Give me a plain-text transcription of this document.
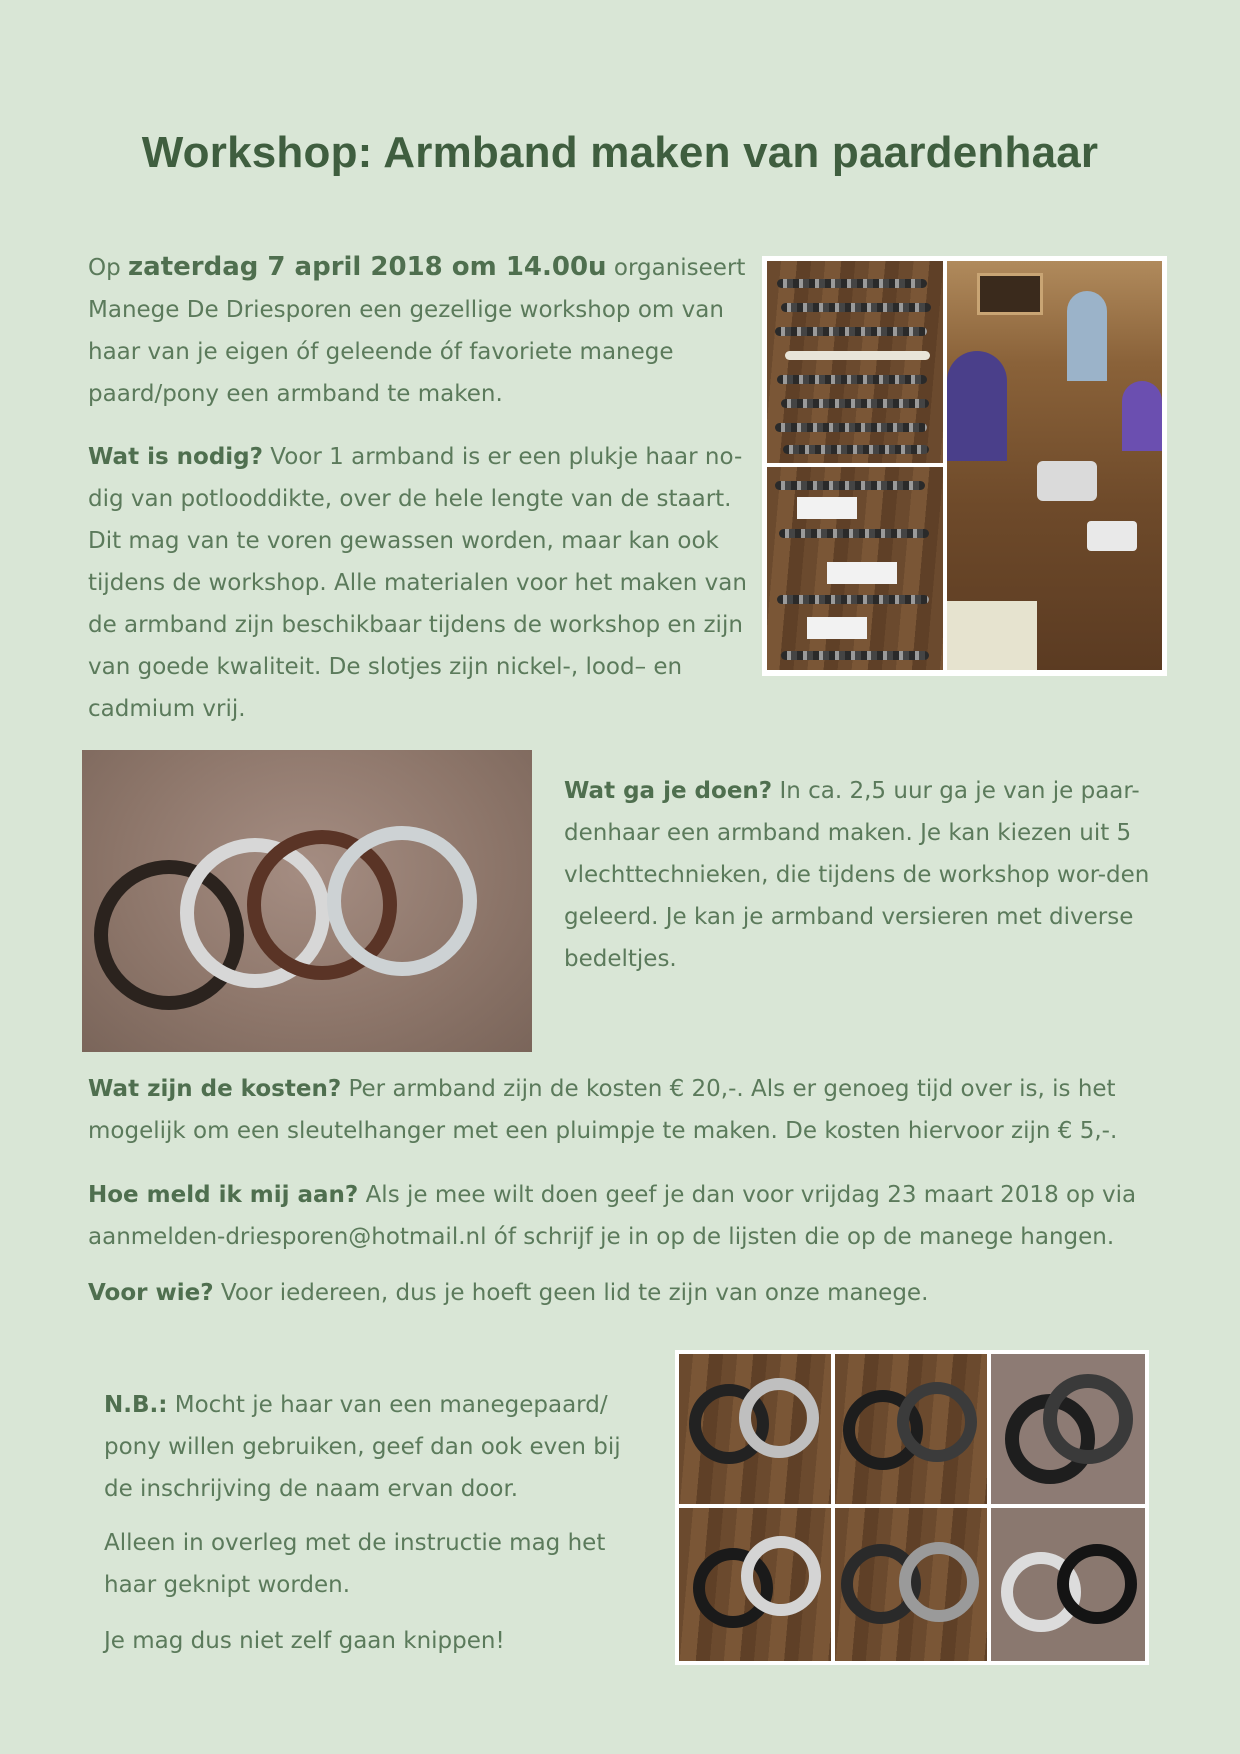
Workshop: Armband maken van paardenhaar

Op zaterdag 7 april 2018 om 14.00u organiseert Manege De Driesporen een gezellige workshop om van haar van je eigen óf geleende óf favoriete manege paard/pony een armband te maken.

Wat is nodig? Voor 1 armband is er een plukje haar no-dig van potlooddikte, over de hele lengte van de staart. Dit mag van te voren gewassen worden, maar kan ook tijdens de workshop. Alle materialen voor het maken van de armband zijn beschikbaar tijdens de workshop en zijn van goede kwaliteit. De slotjes zijn nickel-, lood– en cadmium vrij.

Wat ga je doen? In ca. 2,5 uur ga je van je paar-denhaar een armband maken. Je kan kiezen uit 5 vlechttechnieken, die tijdens de workshop wor-den geleerd. Je kan je armband versieren met diverse bedeltjes.

Wat zijn de kosten? Per armband zijn de kosten € 20,-. Als er genoeg tijd over is, is het mogelijk om een sleutelhanger met een pluimpje te maken. De kosten hiervoor zijn € 5,-.

Hoe meld ik mij aan? Als je mee wilt doen geef je dan voor vrijdag 23 maart 2018 op via aanmelden-driesporen@hotmail.nl óf schrijf je in op de lijsten die op de manege hangen.

Voor wie? Voor iedereen, dus je hoeft geen lid te zijn van onze manege.

N.B.: Mocht je haar van een manegepaard/ pony willen gebruiken, geef dan ook even bij de inschrijving de naam ervan door.

Alleen in overleg met de instructie mag het haar geknipt worden.

Je mag dus niet zelf gaan knippen!
